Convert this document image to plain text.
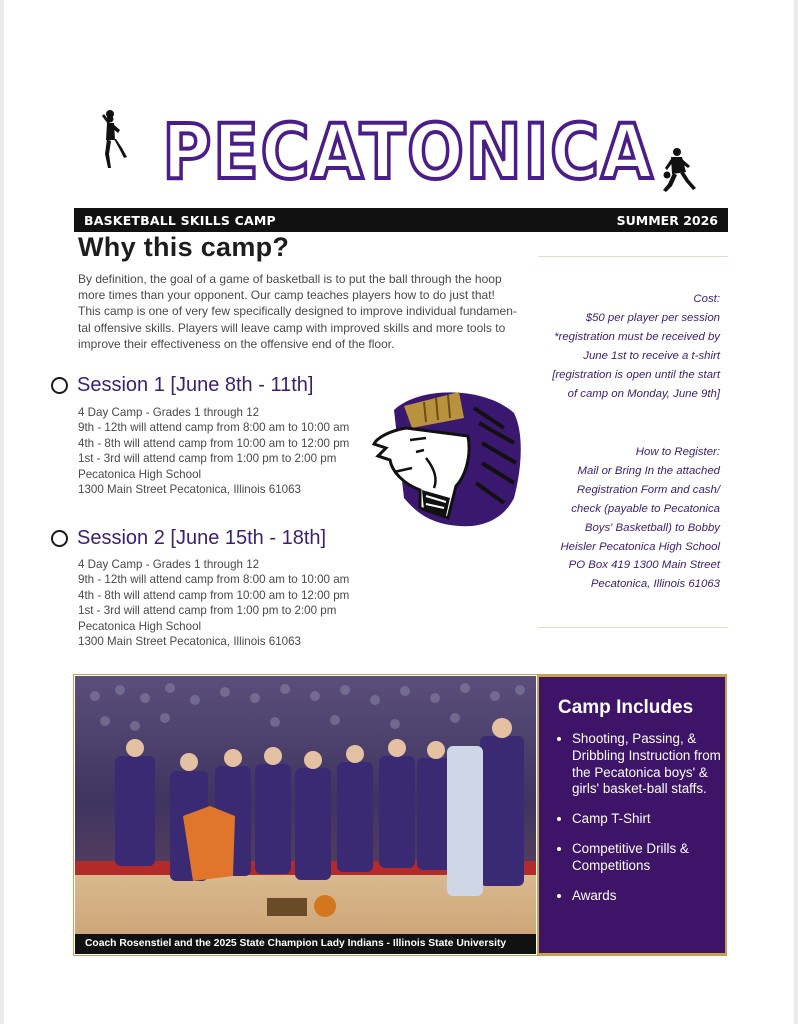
PECATONICA
BASKETBALL SKILLS CAMP	SUMMER 2026
Why this camp?
By definition, the goal of a game of basketball is to put the ball through the hoop
more times than your opponent. Our camp teaches players how to do just that!
This camp is one of very few specifically designed to improve individual fundamen-
tal offensive skills. Players will leave camp with improved skills and more tools to
improve their effectiveness on the offensive end of the floor.
Session 1 [June 8th - 11th]
4 Day Camp - Grades 1 through 12
9th - 12th will attend camp from 8:00 am to 10:00 am
4th - 8th will attend camp from 10:00 am to 12:00 pm
1st - 3rd will attend camp from 1:00 pm to 2:00 pm
Pecatonica High School
1300 Main Street Pecatonica, Illinois 61063
Session 2 [June 15th - 18th]
4 Day Camp - Grades 1 through 12
9th - 12th will attend camp from 8:00 am to 10:00 am
4th - 8th will attend camp from 10:00 am to 12:00 pm
1st - 3rd will attend camp from 1:00 pm to 2:00 pm
Pecatonica High School
1300 Main Street Pecatonica, Illinois 61063
Cost:
$50 per player per session
*registration must be received by
June 1st to receive a t-shirt
[registration is open until the start
of camp on Monday, June 9th]
How to Register:
Mail or Bring In the attached
Registration Form and cash/
check (payable to Pecatonica
Boys' Basketball) to Bobby
Heisler Pecatonica High School
PO Box 419 1300 Main Street
Pecatonica, Illinois 61063
Coach Rosenstiel and the 2025 State Champion Lady Indians - Illinois State University
Camp Includes
• Shooting, Passing, & Dribbling Instruction from the Pecatonica boys' & girls' basket-ball staffs.
• Camp T-Shirt
• Competitive Drills & Competitions
• Awards
